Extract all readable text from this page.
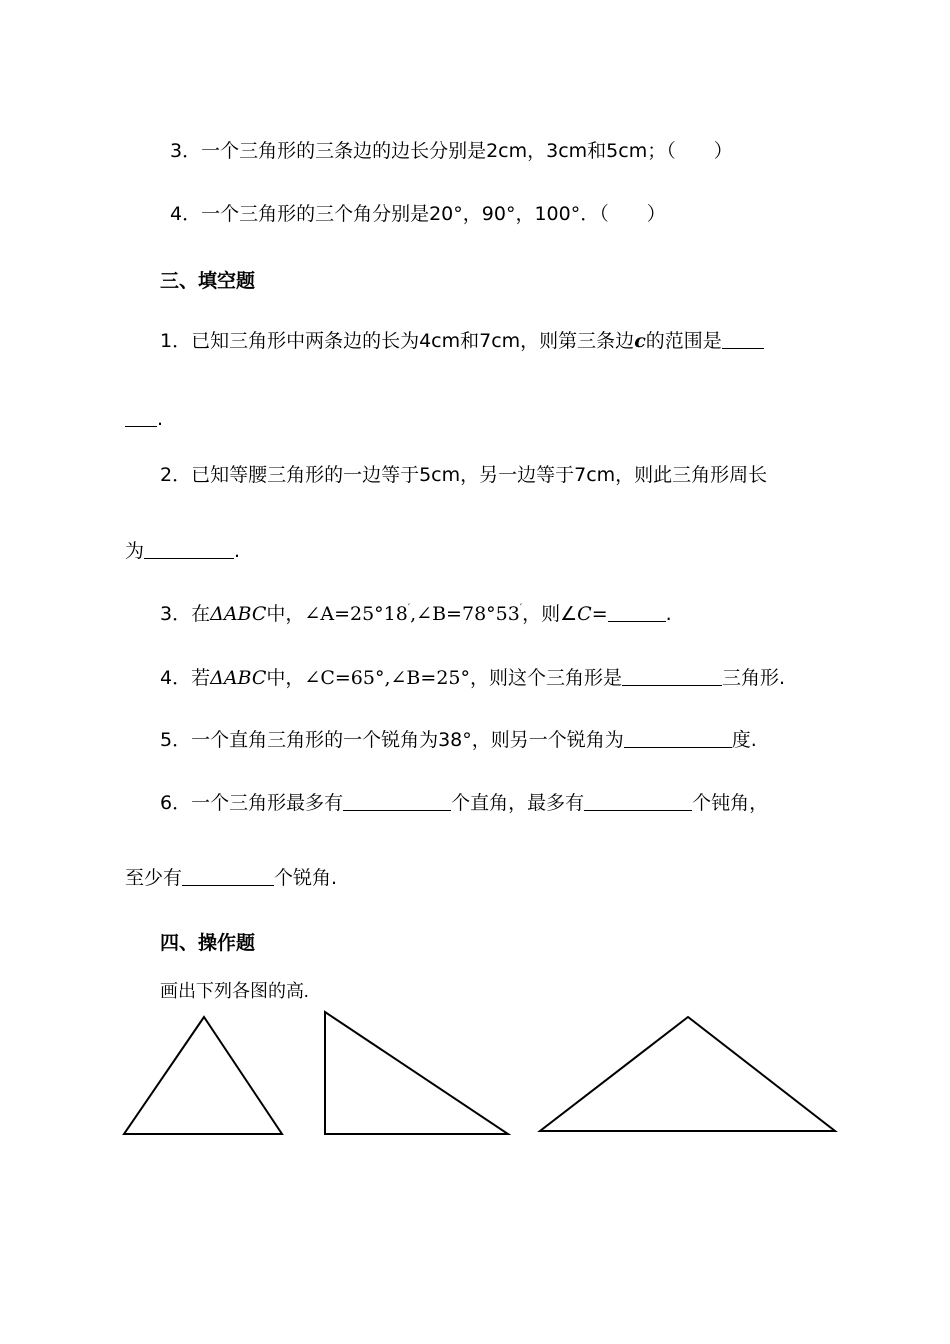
3．一个三角形的三条边的边长分别是2cm，3cm和5cm；（　　）
4．一个三角形的三个角分别是20°，90°，100°．（　　）
三、填空题
1．已知三角形中两条边的长为4cm和7cm，则第三条边c的范围是
.
2．已知等腰三角形的一边等于5cm，另一边等于7cm，则此三角形周长
为	.
3．在ΔABC中，∠A=25°18′,∠B=78°53′，则∠C=	.
4．若ΔABC中，∠C=65°,∠B=25°，则这个三角形是	三角形.
5．一个直角三角形的一个锐角为38°，则另一个锐角为	度.
6．一个三角形最多有	个直角，最多有	个钝角，
至少有	个锐角.
四、操作题
画出下列各图的高.
